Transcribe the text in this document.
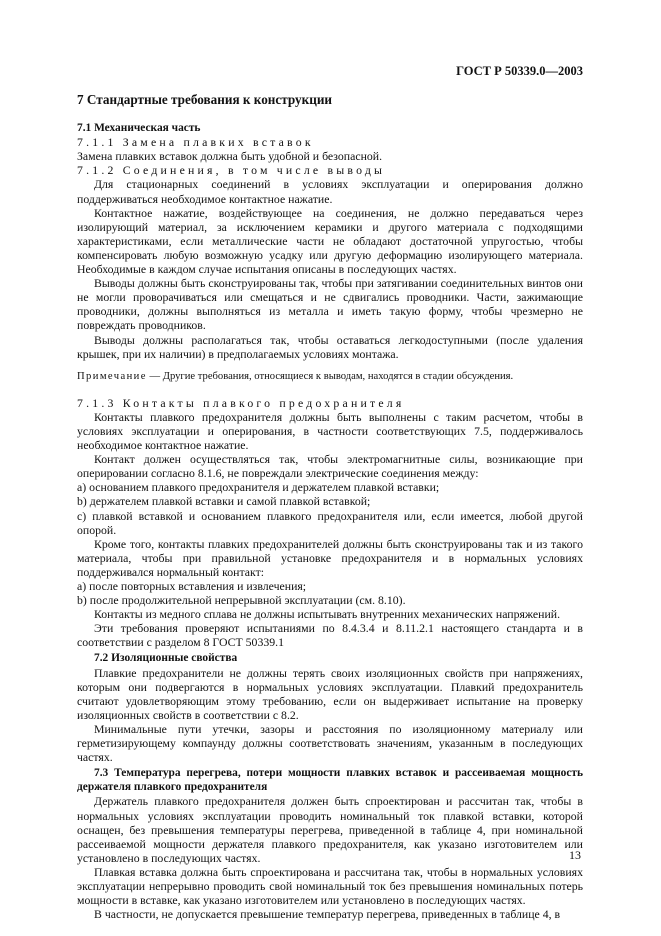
ГОСТ Р 50339.0—2003

7 Стандартные требования к конструкции

7.1 Механическая часть

7.1.1 Замена плавких вставок

Замена плавких вставок должна быть удобной и безопасной.

7.1.2 Соединения, в том числе выводы

Для стационарных соединений в условиях эксплуатации и оперирования должно поддерживаться необходимое контактное нажатие.

Контактное нажатие, воздействующее на соединения, не должно передаваться через изолирующий материал, за исключением керамики и другого материала с подходящими характеристиками, если металлические части не обладают достаточной упругостью, чтобы компенсировать любую возможную усадку или другую деформацию изолирующего материала. Необходимые в каждом случае испытания описаны в последующих частях.

Выводы должны быть сконструированы так, чтобы при затягивании соединительных винтов они не могли проворачиваться или смещаться и не сдвигались проводники. Части, зажимающие проводники, должны выполняться из металла и иметь такую форму, чтобы чрезмерно не повреждать проводников.

Выводы должны располагаться так, чтобы оставаться легкодоступными (после удаления крышек, при их наличии) в предполагаемых условиях монтажа.

Примечание — Другие требования, относящиеся к выводам, находятся в стадии обсуждения.

7.1.3 Контакты плавкого предохранителя

Контакты плавкого предохранителя должны быть выполнены с таким расчетом, чтобы в условиях эксплуатации и оперирования, в частности соответствующих 7.5, поддерживалось необходимое контактное нажатие.

Контакт должен осуществляться так, чтобы электромагнитные силы, возникающие при оперировании согласно 8.1.6, не повреждали электрические соединения между:

a) основанием плавкого предохранителя и держателем плавкой вставки;

b) держателем плавкой вставки и самой плавкой вставкой;

c) плавкой вставкой и основанием плавкого предохранителя или, если имеется, любой другой опорой.

Кроме того, контакты плавких предохранителей должны быть сконструированы так и из такого материала, чтобы при правильной установке предохранителя и в нормальных условиях поддерживался нормальный контакт:

a) после повторных вставления и извлечения;

b) после продолжительной непрерывной эксплуатации (см. 8.10).

Контакты из медного сплава не должны испытывать внутренних механических напряжений.

Эти требования проверяют испытаниями по 8.4.3.4 и 8.11.2.1 настоящего стандарта и в соответствии с разделом 8 ГОСТ 50339.1

7.2 Изоляционные свойства

Плавкие предохранители не должны терять своих изоляционных свойств при напряжениях, которым они подвергаются в нормальных условиях эксплуатации. Плавкий предохранитель считают удовлетворяющим этому требованию, если он выдерживает испытание на проверку изоляционных свойств в соответствии с 8.2.

Минимальные пути утечки, зазоры и расстояния по изоляционному материалу или герметизирующему компаунду должны соответствовать значениям, указанным в последующих частях.

7.3 Температура перегрева, потери мощности плавких вставок и рассеиваемая мощность держателя плавкого предохранителя

Держатель плавкого предохранителя должен быть спроектирован и рассчитан так, чтобы в нормальных условиях эксплуатации проводить номинальный ток плавкой вставки, которой оснащен, без превышения температуры перегрева, приведенной в таблице 4, при номинальной рассеиваемой мощности держателя плавкого предохранителя, как указано изготовителем или установлено в последующих частях.

Плавкая вставка должна быть спроектирована и рассчитана так, чтобы в нормальных условиях эксплуатации непрерывно проводить свой номинальный ток без превышения номинальных потерь мощности в вставке, как указано изготовителем или установлено в последующих частях.

В частности, не допускается превышение температур перегрева, приведенных в таблице 4, в

13
